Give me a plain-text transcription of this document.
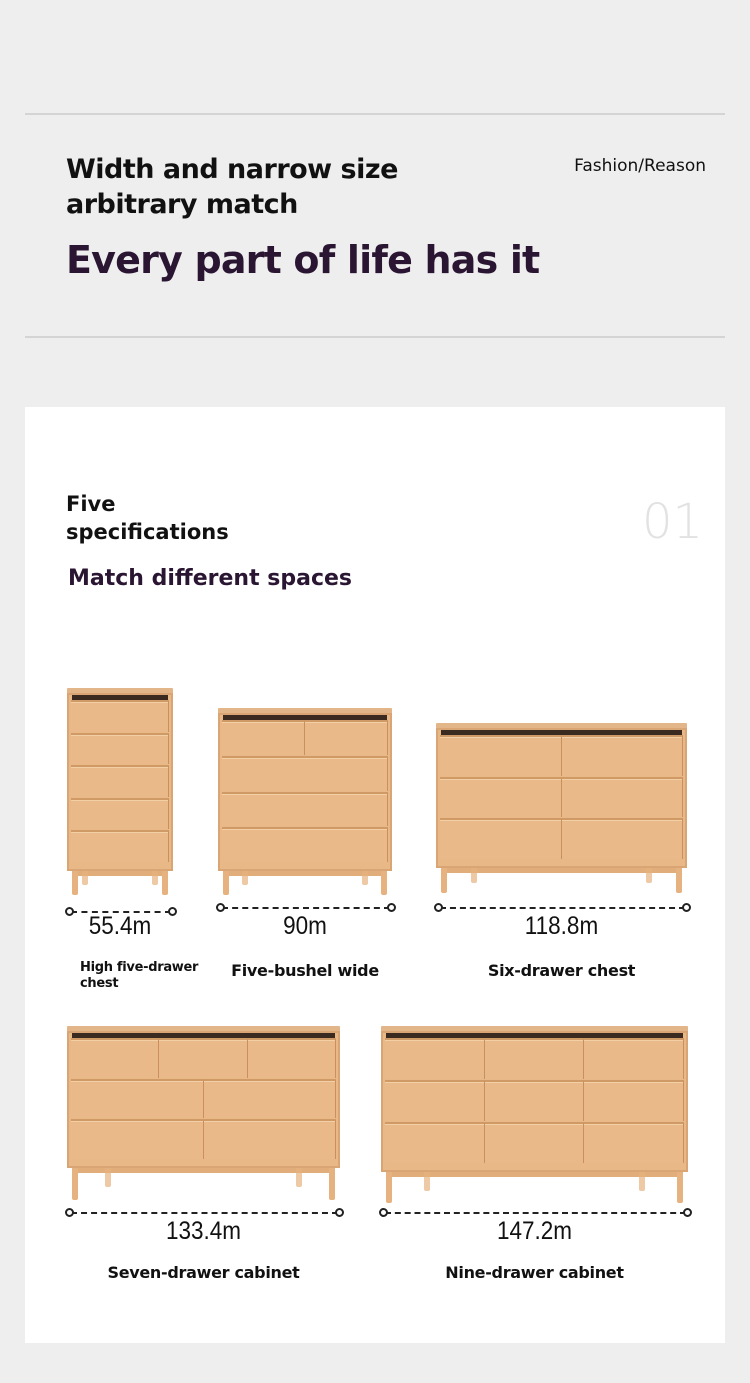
Width and narrow size arbitrary match
Every part of life has it
Fashion/Reason
Five specifications
Match different spaces
01
55.4m
High five-drawer chest
90m
Five-bushel wide
118.8m
Six-drawer chest
133.4m
Seven-drawer cabinet
147.2m
Nine-drawer cabinet
